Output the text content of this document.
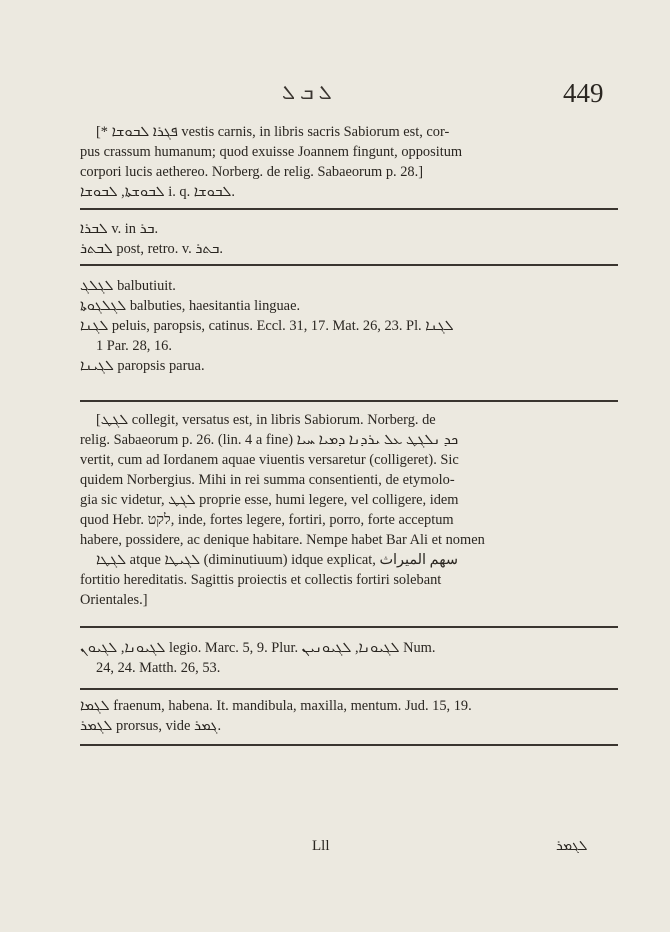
ܠ ܒ ܠ	449

[* ܦܓܪܐ ܠܒܘܫܐ vestis carnis, in libris sacris Sabiorum est, cor-

pus crassum humanum; quod exuisse Joannem fingunt, oppositum

corpori lucis aethereo. Norberg. de relig. Sabaeorum p. 28.]

ܠܒܘܫܬܐ, ܠܒܘܫܐ i. q. ܠܒܘܫܐ.

ܠܒܪܐ v. in ܒܪ.

ܠܒܬܪ post, retro. v. ܒܬܪ.

ܠܓܠܓ balbutiuit.

ܠܓܠܓܘܬܐ balbuties, haesitantia linguae.

ܠܓܢܐ peluis, paropsis, catinus. Eccl. 31, 17. Mat. 26, 23. Pl. ܠܓܢܐ

1 Par. 28, 16.

ܠܓܝܢܐ paropsis parua.

[ܠܓܛ collegit, versatus est, in libris Sabiorum. Norberg. de

relig. Sabaeorum p. 26. (lin. 4 a fine) ܟܕ ܢܠܓܛ ܥܠ ܝܪܕܢܐ ܕܡܝܐ ܚܝܐ

vertit, cum ad Iordanem aquae viuentis versaretur (colligeret). Sic

quidem Norbergius. Mihi in rei summa consentienti, de etymolo-

gia sic videtur, ܠܓܛ proprie esse, humi legere, vel colligere, idem

quod Hebr. לקט, inde, fortes legere, fortiri, porro, forte acceptum

habere, possidere, ac denique habitare. Nempe habet Bar Ali et nomen

ܠܓܛܐ atque ܠܓܝܛܐ (diminutiuum) idque explicat, سهم الميراث

fortitio hereditatis. Sagittis proiectis et collectis fortiri solebant

Orientales.]

ܠܓܝܘܢܐ, ܠܓܝܘܢ legio. Marc. 5, 9. Plur. ܠܓܝܘܢܐ, ܠܓܝܘܢܝܢ Num.

24, 24. Matth. 26, 53.

ܠܓܡܐ fraenum, habena. It. mandibula, maxilla, mentum. Jud. 15, 19.

ܠܓܡܪ prorsus, vide ܓܡܪ.

Lll	ܠܓܡܪ
